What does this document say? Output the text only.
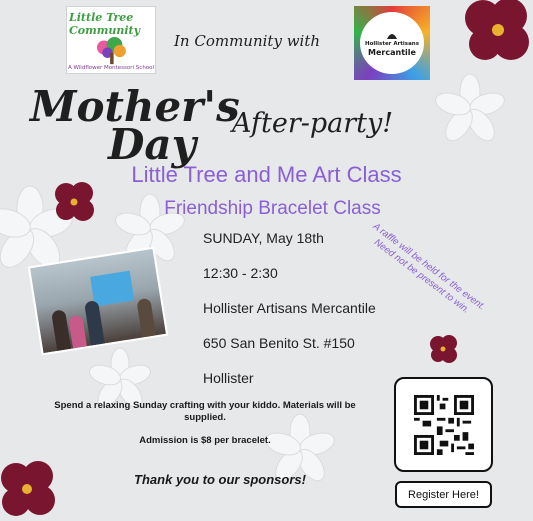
Little Tree Community
A Wildflower Montessori School
In Community with	Hollister Artisans
Mercantile
Mother's
Day After-party!
Little Tree and Me Art Class
Friendship Bracelet Class
SUNDAY, May 18th
12:30 - 2:30
Hollister Artisans Mercantile
650 San Benito St. #150
Hollister
A raffle will be held for the event. Need not be present to win.
Spend a relaxing Sunday crafting with your kiddo. Materials will be supplied.
Admission is $8 per bracelet.
Thank you to our sponsors!
Register Here!
